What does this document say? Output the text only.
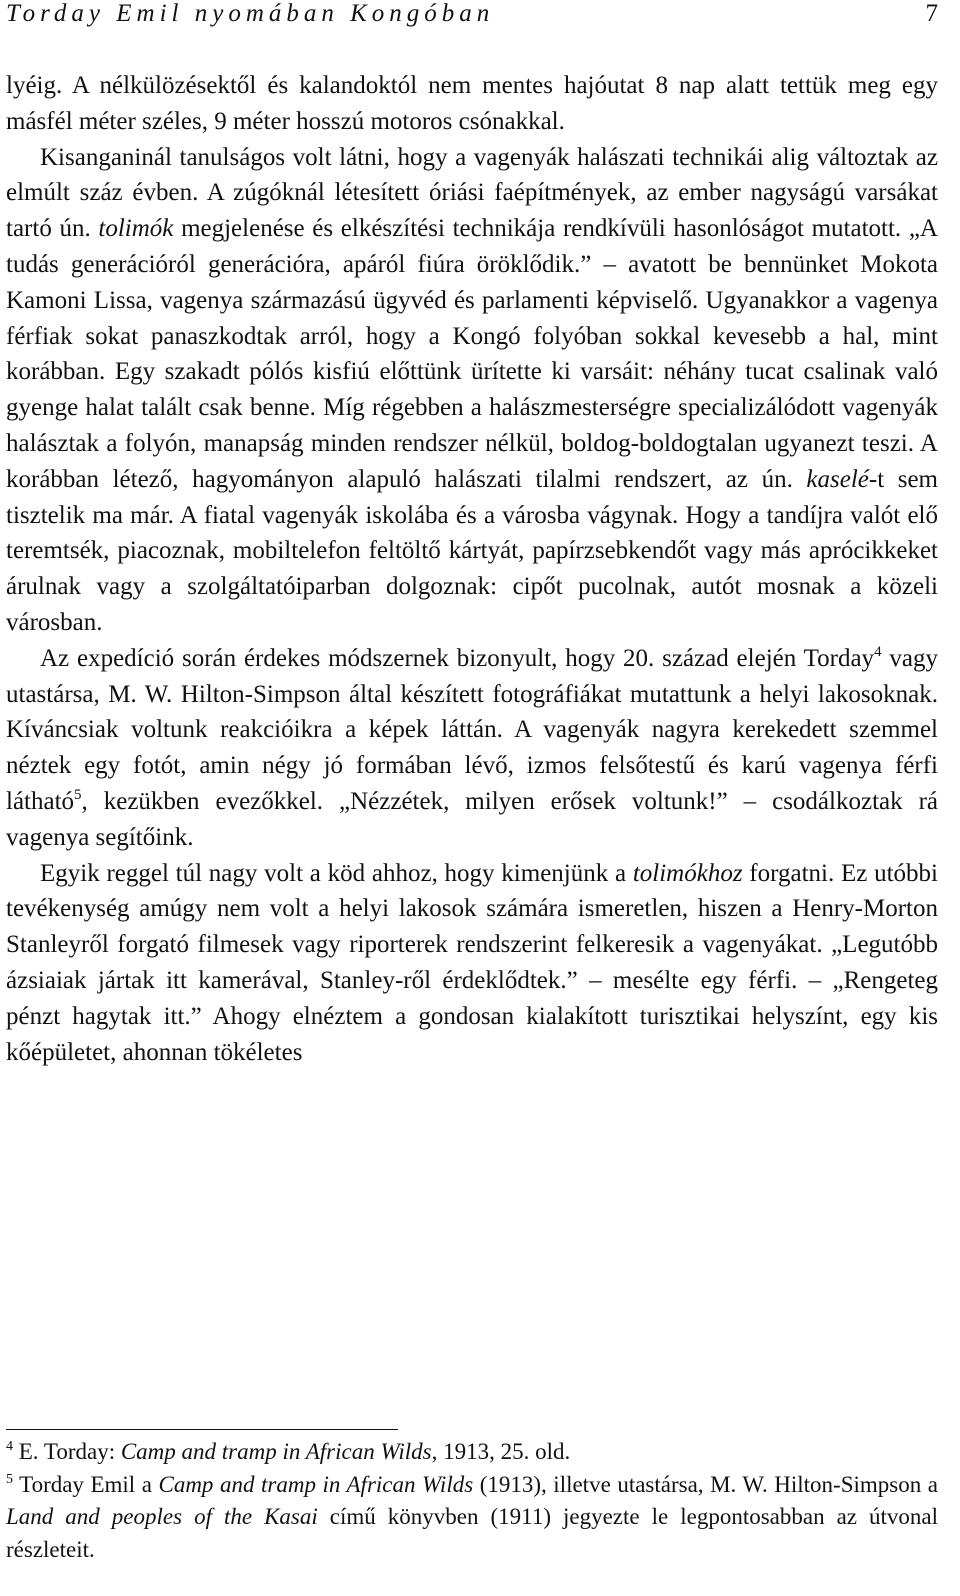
Torday Emil nyomában Kongóban	7

lyéig. A nélkülözésektől és kalandoktól nem mentes hajóutat 8 nap alatt tettük meg egy másfél méter széles, 9 méter hosszú motoros csónakkal.

Kisanganinál tanulságos volt látni, hogy a vagenyák halászati technikái alig változtak az elmúlt száz évben. A zúgóknál létesített óriási faépítmények, az ember nagyságú varsákat tartó ún. tolimók megjelenése és elkészítési technikája rendkívüli hasonlóságot mutatott. „A tudás generációról generációra, apáról fiúra öröklődik.” – avatott be bennünket Mokota Kamoni Lissa, vagenya származású ügyvéd és parlamenti képviselő. Ugyanakkor a vagenya férfiak sokat panaszkodtak arról, hogy a Kongó folyóban sokkal kevesebb a hal, mint korábban. Egy szakadt pólós kisfiú előttünk ürítette ki varsáit: néhány tucat csalinak való gyenge halat talált csak benne. Míg régebben a halászmesterségre specializálódott vagenyák halásztak a folyón, manapság minden rendszer nélkül, boldog-boldogtalan ugyanezt teszi. A korábban létező, hagyományon alapuló halászati tilalmi rendszert, az ún. kaselé-t sem tisztelik ma már. A fiatal vagenyák iskolába és a városba vágynak. Hogy a tandíjra valót elő teremtsék, piacoznak, mobiltelefon feltöltő kártyát, papírzsebkendőt vagy más aprócikkeket árulnak vagy a szolgáltatóiparban dolgoznak: cipőt pucolnak, autót mosnak a közeli városban.

Az expedíció során érdekes módszernek bizonyult, hogy 20. század elején Torday$^4$ vagy utastársa, M. W. Hilton-Simpson által készített fotográfiákat mutattunk a helyi lakosoknak. Kíváncsiak voltunk reakcióikra a képek láttán. A vagenyák nagyra kerekedett szemmel néztek egy fotót, amin négy jó formában lévő, izmos felsőtestű és karú vagenya férfi látható$^5$, kezükben evezőkkel. „Nézzétek, milyen erősek voltunk!” – csodálkoztak rá vagenya segítőink.

Egyik reggel túl nagy volt a köd ahhoz, hogy kimenjünk a tolimókhoz forgatni. Ez utóbbi tevékenység amúgy nem volt a helyi lakosok számára ismeretlen, hiszen a Henry-Morton Stanleyről forgató filmesek vagy riporterek rendszerint felkeresik a vagenyákat. „Legutóbb ázsiaiak jártak itt kamerával, Stanley-ről érdeklődtek.” – mesélte egy férfi. – „Rengeteg pénzt hagytak itt.” Ahogy elnéztem a gondosan kialakított turisztikai helyszínt, egy kis kőépületet, ahonnan tökéletes

$^4$ E. Torday: Camp and tramp in African Wilds, 1913, 25. old.

$^5$ Torday Emil a Camp and tramp in African Wilds (1913), illetve utastársa, M. W. Hilton-Simpson a Land and peoples of the Kasai című könyvben (1911) jegyezte le legpontosabban az útvonal részleteit.
